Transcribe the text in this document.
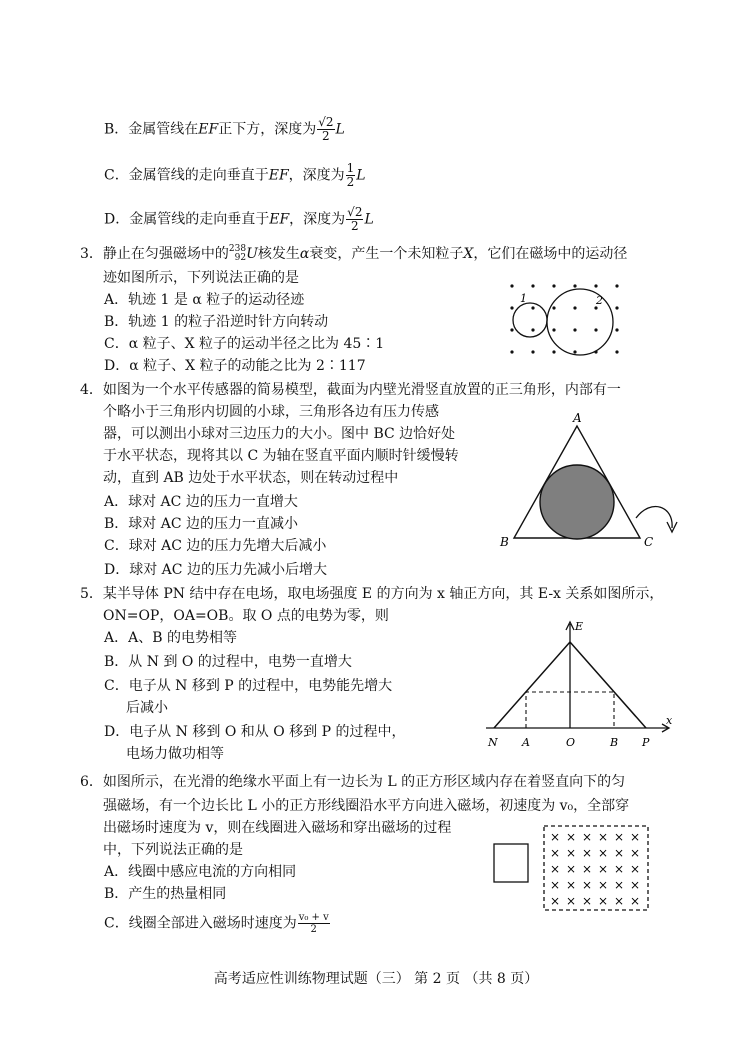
B．金属管线在EF正下方，深度为 $\frac{√2}{2}$ L
C．金属管线的走向垂直于EF，深度为 $\frac{1}{2}$ L
D．金属管线的走向垂直于EF，深度为 $\frac{√2}{2}$ L
3．静止在匀强磁场中的 238
92 U核发生α衰变，产生一个未知粒子X，它们在磁场中的运动径
迹如图所示，下列说法正确的是
A．轨迹 1 是 α 粒子的运动径迹
B．轨迹 1 的粒子沿逆时针方向转动
C．α 粒子、X 粒子的运动半径之比为 45∶1
D．α 粒子、X 粒子的动能之比为 2∶117
1	2
4．如图为一个水平传感器的简易模型，截面为内壁光滑竖直放置的正三角形，内部有一
个略小于三角形内切圆的小球，三角形各边有压力传感
器，可以测出小球对三边压力的大小。图中 BC 边恰好处
于水平状态，现将其以 C 为轴在竖直平面内顺时针缓慢转
动，直到 AB 边处于水平状态，则在转动过程中
A．球对 AC 边的压力一直增大
B．球对 AC 边的压力一直减小
C．球对 AC 边的压力先增大后减小
D．球对 AC 边的压力先减小后增大
A
B	C
5．某半导体 PN 结中存在电场，取电场强度 E 的方向为 x 轴正方向，其 E-x 关系如图所示，
ON=OP，OA=OB。取 O 点的电势为零，则
A．A、B 的电势相等
B．从 N 到 O 的过程中，电势一直增大
C．电子从 N 移到 P 的过程中，电势能先增大
后减小
D．电子从 N 移到 O 和从 O 移到 P 的过程中，
电场力做功相等
E
x
N A	O	B P
6．如图所示，在光滑的绝缘水平面上有一边长为 L 的正方形区域内存在着竖直向下的匀
强磁场，有一个边长比 L 小的正方形线圈沿水平方向进入磁场，初速度为 v₀，全部穿
出磁场时速度为 v，则在线圈进入磁场和穿出磁场的过程
中，下列说法正确的是
A．线圈中感应电流的方向相同
B．产生的热量相同
C．线圈全部进入磁场时速度为 $\frac{\text{v₀ + v}}{2}$
× × × × × ×
× × × × × ×
× × × × × ×
× × × × × ×
× × × × × ×
高考适应性训练物理试题（三） 第 2 页 （共 8 页）
